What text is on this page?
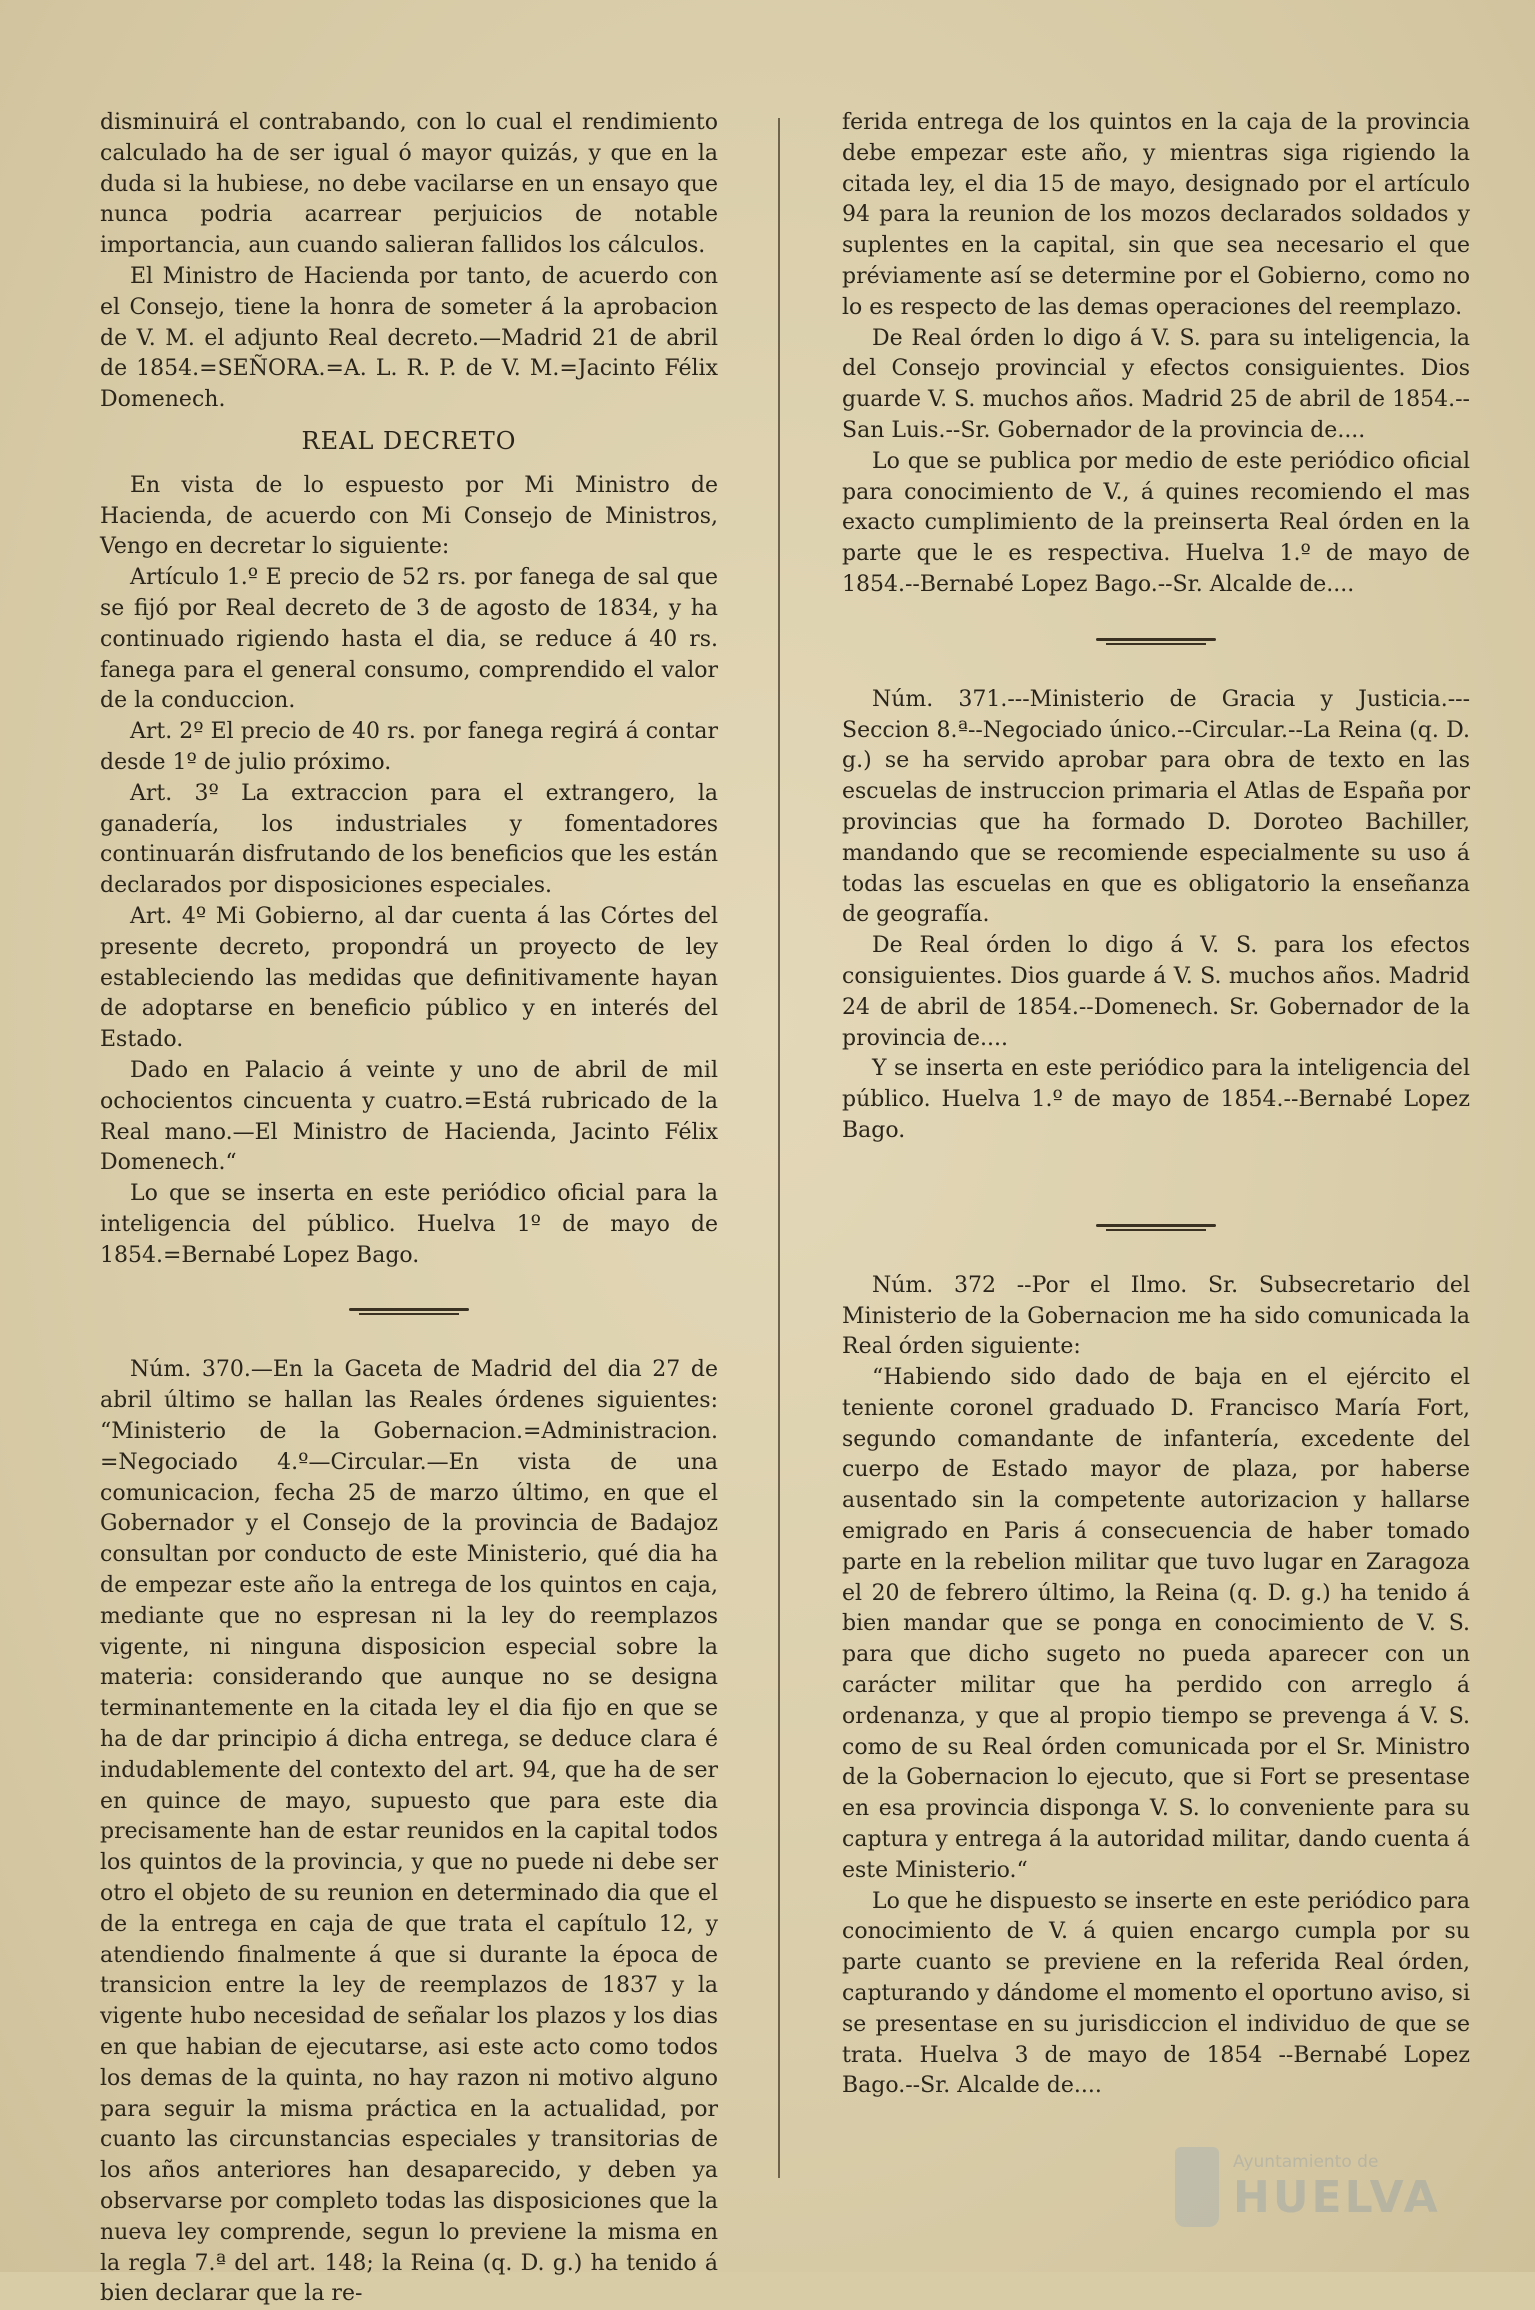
disminuirá el contrabando, con lo cual el rendimiento calculado ha de ser igual ó mayor quizás, y que en la duda si la hubiese, no debe vacilarse en un ensayo que nunca podria acarrear perjuicios de notable importancia, aun cuando salieran fallidos los cálculos.

El Ministro de Hacienda por tanto, de acuerdo con el Consejo, tiene la honra de someter á la aprobacion de V. M. el adjunto Real decreto.—Madrid 21 de abril de 1854.=SEÑORA.=A. L. R. P. de V. M.=Jacinto Félix Domenech.

REAL DECRETO

En vista de lo espuesto por Mi Ministro de Hacienda, de acuerdo con Mi Consejo de Ministros, Vengo en decretar lo siguiente:

Artículo 1.º E precio de 52 rs. por fanega de sal que se fijó por Real decreto de 3 de agosto de 1834, y ha continuado rigiendo hasta el dia, se reduce á 40 rs. fanega para el general consumo, comprendido el valor de la conduccion.

Art. 2º El precio de 40 rs. por fanega regirá á contar desde 1º de julio próximo.

Art. 3º La extraccion para el extrangero, la ganadería, los industriales y fomentadores continuarán disfrutando de los beneficios que les están declarados por disposiciones especiales.

Art. 4º Mi Gobierno, al dar cuenta á las Córtes del presente decreto, propondrá un proyecto de ley estableciendo las medidas que definitivamente hayan de adoptarse en beneficio público y en interés del Estado.

Dado en Palacio á veinte y uno de abril de mil ochocientos cincuenta y cuatro.=Está rubricado de la Real mano.—El Ministro de Hacienda, Jacinto Félix Domenech.“

Lo que se inserta en este periódico oficial para la inteligencia del público. Huelva 1º de mayo de 1854.=Bernabé Lopez Bago.

Núm. 370.—En la Gaceta de Madrid del dia 27 de abril último se hallan las Reales órdenes siguientes: “Ministerio de la Gobernacion.=Administracion. =Negociado 4.º—Circular.—En vista de una comunicacion, fecha 25 de marzo último, en que el Gobernador y el Consejo de la provincia de Badajoz consultan por conducto de este Ministerio, qué dia ha de empezar este año la entrega de los quintos en caja, mediante que no espresan ni la ley do reemplazos vigente, ni ninguna disposicion especial sobre la materia: considerando que aunque no se designa terminantemente en la citada ley el dia fijo en que se ha de dar principio á dicha entrega, se deduce clara é indudablemente del contexto del art. 94, que ha de ser en quince de mayo, supuesto que para este dia precisamente han de estar reunidos en la capital todos los quintos de la provincia, y que no puede ni debe ser otro el objeto de su reunion en determinado dia que el de la entrega en caja de que trata el capítulo 12, y atendiendo finalmente á que si durante la época de transicion entre la ley de reemplazos de 1837 y la vigente hubo necesidad de señalar los plazos y los dias en que habian de ejecutarse, asi este acto como todos los demas de la quinta, no hay razon ni motivo alguno para seguir la misma práctica en la actualidad, por cuanto las circunstancias especiales y transitorias de los años anteriores han desaparecido, y deben ya observarse por completo todas las disposiciones que la nueva ley comprende, segun lo previene la misma en la regla 7.ª del art. 148; la Reina (q. D. g.) ha tenido á bien declarar que la re-

ferida entrega de los quintos en la caja de la provincia debe empezar este año, y mientras siga rigiendo la citada ley, el dia 15 de mayo, designado por el artículo 94 para la reunion de los mozos declarados soldados y suplentes en la capital, sin que sea necesario el que préviamente así se determine por el Gobierno, como no lo es respecto de las demas operaciones del reemplazo.

De Real órden lo digo á V. S. para su inteligencia, la del Consejo provincial y efectos consiguientes. Dios guarde V. S. muchos años. Madrid 25 de abril de 1854.--San Luis.--Sr. Gobernador de la provincia de....

Lo que se publica por medio de este periódico oficial para conocimiento de V., á quines recomiendo el mas exacto cumplimiento de la preinserta Real órden en la parte que le es respectiva. Huelva 1.º de mayo de 1854.--Bernabé Lopez Bago.--Sr. Alcalde de....

Núm. 371.---Ministerio de Gracia y Justicia.--- Seccion 8.ª--Negociado único.--Circular.--La Reina (q. D. g.) se ha servido aprobar para obra de texto en las escuelas de instruccion primaria el Atlas de España por provincias que ha formado D. Doroteo Bachiller, mandando que se recomiende especialmente su uso á todas las escuelas en que es obligatorio la enseñanza de geografía.

De Real órden lo digo á V. S. para los efectos consiguientes. Dios guarde á V. S. muchos años. Madrid 24 de abril de 1854.--Domenech. Sr. Gobernador de la provincia de....

Y se inserta en este periódico para la inteligencia del público. Huelva 1.º de mayo de 1854.--Bernabé Lopez Bago.

Núm. 372 --Por el Ilmo. Sr. Subsecretario del Ministerio de la Gobernacion me ha sido comunicada la Real órden siguiente:

“Habiendo sido dado de baja en el ejército el teniente coronel graduado D. Francisco María Fort, segundo comandante de infantería, excedente del cuerpo de Estado mayor de plaza, por haberse ausentado sin la competente autorizacion y hallarse emigrado en Paris á consecuencia de haber tomado parte en la rebelion militar que tuvo lugar en Zaragoza el 20 de febrero último, la Reina (q. D. g.) ha tenido á bien mandar que se ponga en conocimiento de V. S. para que dicho sugeto no pueda aparecer con un carácter militar que ha perdido con arreglo á ordenanza, y que al propio tiempo se prevenga á V. S. como de su Real órden comunicada por el Sr. Ministro de la Gobernacion lo ejecuto, que si Fort se presentase en esa provincia disponga V. S. lo conveniente para su captura y entrega á la autoridad militar, dando cuenta á este Ministerio.“

Lo que he dispuesto se inserte en este periódico para conocimiento de V. á quien encargo cumpla por su parte cuanto se previene en la referida Real órden, capturando y dándome el momento el oportuno aviso, si se presentase en su jurisdiccion el individuo de que se trata. Huelva 3 de mayo de 1854 --Bernabé Lopez Bago.--Sr. Alcalde de....

Ayuntamiento de
HUELVA
